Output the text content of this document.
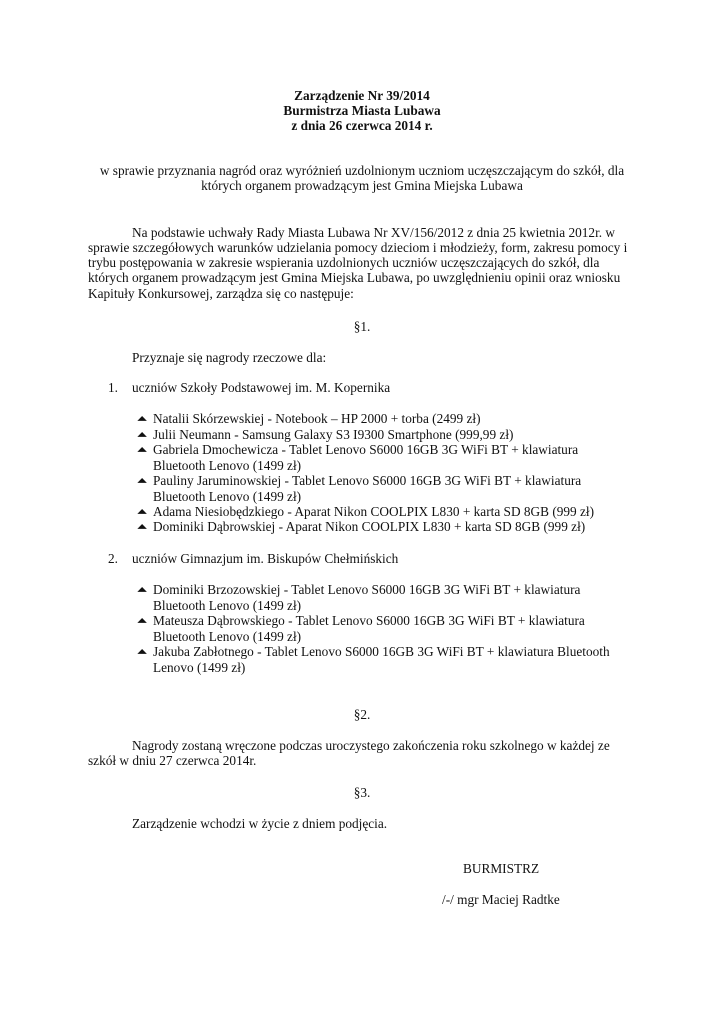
Zarządzenie Nr 39/2014
Burmistrza Miasta Lubawa
z dnia 26 czerwca 2014 r.
w sprawie przyznania nagród oraz wyróżnień uzdolnionym uczniom uczęszczającym do szkół, dla
których organem prowadzącym jest Gmina Miejska Lubawa
Na podstawie uchwały Rady Miasta Lubawa Nr XV/156/2012 z dnia 25 kwietnia 2012r. w
sprawie szczegółowych warunków udzielania pomocy dzieciom i młodzieży, form, zakresu pomocy i
trybu postępowania w zakresie wspierania uzdolnionych uczniów uczęszczających do szkół, dla
których organem prowadzącym jest Gmina Miejska Lubawa, po uwzględnieniu opinii oraz wniosku
Kapituły Konkursowej, zarządza się co następuje:
§1.
Przyznaje się nagrody rzeczowe dla:
1. uczniów Szkoły Podstawowej im. M. Kopernika
⏶ Natalii Skórzewskiej - Notebook – HP 2000 + torba (2499 zł)
⏶ Julii Neumann - Samsung Galaxy S3 I9300 Smartphone (999,99 zł)
⏶ Gabriela Dmochewicza - Tablet Lenovo S6000 16GB 3G WiFi BT + klawiatura
Bluetooth Lenovo (1499 zł)
⏶ Pauliny Jaruminowskiej - Tablet Lenovo S6000 16GB 3G WiFi BT + klawiatura
Bluetooth Lenovo (1499 zł)
⏶ Adama Niesiobędzkiego - Aparat Nikon COOLPIX L830 + karta SD 8GB (999 zł)
⏶ Dominiki Dąbrowskiej - Aparat Nikon COOLPIX L830 + karta SD 8GB (999 zł)
2. uczniów Gimnazjum im. Biskupów Chełmińskich
⏶ Dominiki Brzozowskiej - Tablet Lenovo S6000 16GB 3G WiFi BT + klawiatura
Bluetooth Lenovo (1499 zł)
⏶ Mateusza Dąbrowskiego - Tablet Lenovo S6000 16GB 3G WiFi BT + klawiatura
Bluetooth Lenovo (1499 zł)
⏶ Jakuba Zabłotnego - Tablet Lenovo S6000 16GB 3G WiFi BT + klawiatura Bluetooth
Lenovo (1499 zł)
§2.
Nagrody zostaną wręczone podczas uroczystego zakończenia roku szkolnego w każdej ze
szkół w dniu 27 czerwca 2014r.
§3.
Zarządzenie wchodzi w życie z dniem podjęcia.
BURMISTRZ
/-/ mgr Maciej Radtke
